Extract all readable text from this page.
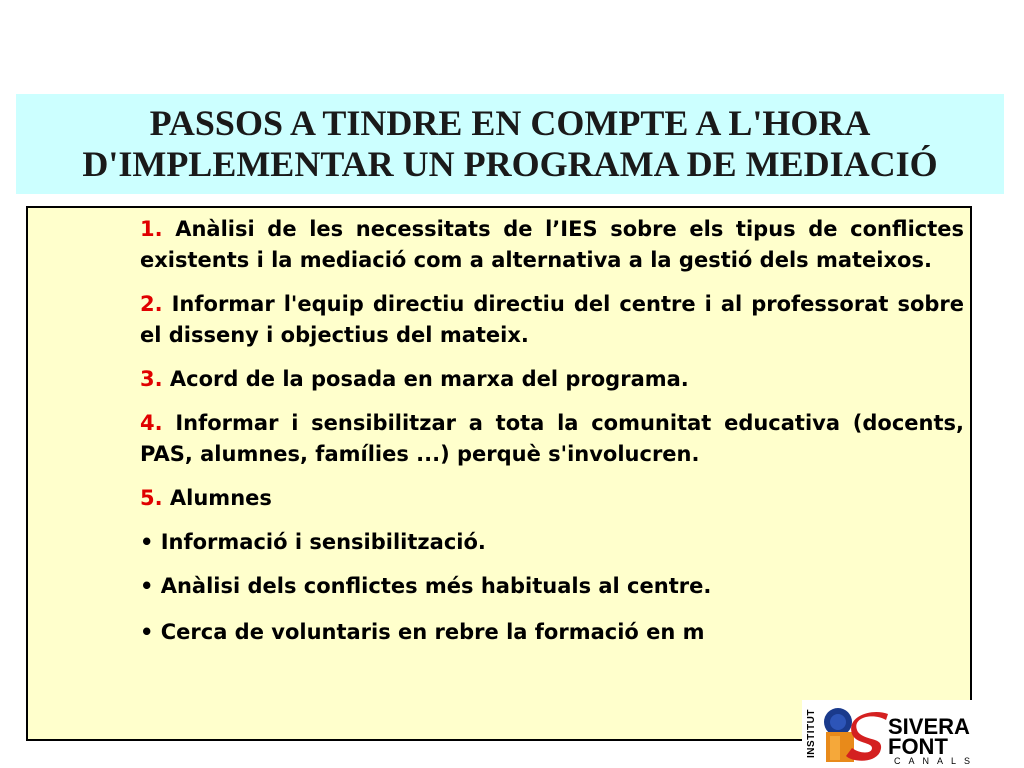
PASSOS A TINDRE EN COMPTE A L'HORA
D'IMPLEMENTAR UN PROGRAMA DE MEDIACIÓ

1. Anàlisi de les necessitats de l’IES sobre els tipus de conflictes existents i la mediació com a alternativa a la gestió dels mateixos.

2. Informar l'equip directiu directiu del centre i al professorat sobre el disseny i objectius del mateix.

3. Acord de la posada en marxa del programa.

4. Informar i sensibilitzar a tota la comunitat educativa (docents, PAS, alumnes, famílies ...) perquè s'involucren.

5. Alumnes

• Informació i sensibilització.

• Anàlisi dels conflictes més habituals al centre.

• Cerca de voluntaris en rebre la formació en m

INSTITUT	SIVERA
FONT
CANALS
